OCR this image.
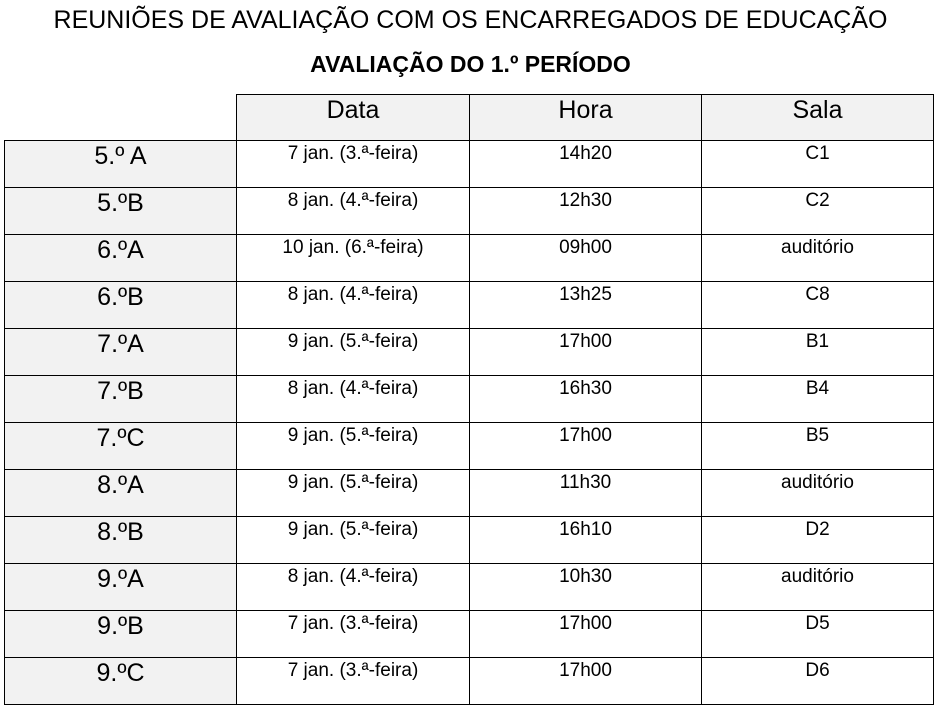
REUNIÕES DE AVALIAÇÃO COM OS ENCARREGADOS DE EDUCAÇÃO
AVALIAÇÃO DO 1.º PERÍODO
	Data	Hora	Sala
5.º A	7 jan. (3.ª-feira)	14h20	C1
5.ºB	8 jan. (4.ª-feira)	12h30	C2
6.ºA	10 jan. (6.ª-feira)	09h00	auditório
6.ºB	8 jan. (4.ª-feira)	13h25	C8
7.ºA	9 jan. (5.ª-feira)	17h00	B1
7.ºB	8 jan. (4.ª-feira)	16h30	B4
7.ºC	9 jan. (5.ª-feira)	17h00	B5
8.ºA	9 jan. (5.ª-feira)	11h30	auditório
8.ºB	9 jan. (5.ª-feira)	16h10	D2
9.ºA	8 jan. (4.ª-feira)	10h30	auditório
9.ºB	7 jan. (3.ª-feira)	17h00	D5
9.ºC	7 jan. (3.ª-feira)	17h00	D6
